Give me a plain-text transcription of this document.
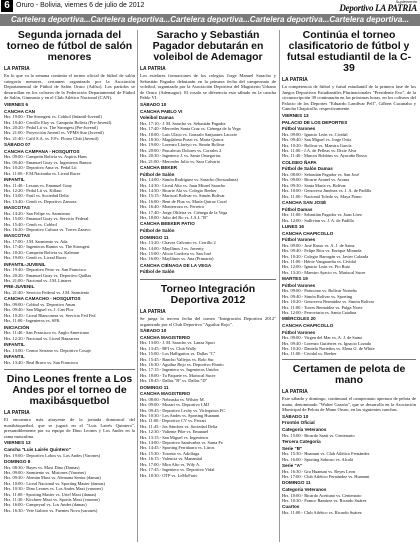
6 Oruro - Bolivia, viernes 6 de julio de 2012
Suplemento
Deportivo LA PATRIA
Cartelera deportiva...Cartelera deportiva...Cartelera deportiva...Cartelera deportiva...Cartelera deportiva...
Segunda jornada del torneo de fútbol de salón menores
LA PATRIA

En lo que va la semana continúa el torneo oficial de fútbol de salón categoría menores, certamen organizado por la Asociación Departamental de Fútbol de Salón Oruro (Adfso). Los partidos se desarrollan en los coliseos de la Federación Departamental de Fútbol de Salón, Gimnasio y en el Club Atlético Nacional (CAN).

VIERNES 6
CANCHA CAN
Hrs. 19:00.- The Strongest vs. Cobbol (Infantil-Juvenil)
Hrs. 19:40.- Cerrillo Eloy vs. Campeón Bolivia (Pre-Juvenil)
Hrs. 20:20.- Pedal Lit vs. The Strongest (Pre-Juvenil)
Hrs. 21:00.- Proyección Juvenil vs. VPMS Star (Juvenil)
Hrs. 21:40.- Cafil S.A. vs. F.Fc. Florez Club (Juvenil)
SÁBADO 07
CANCHA CAMPANA - HOSQUITOS
Hrs. 09:00.- Campeón Bolivia vs. Aspiris Hans
Hrs. 09:40.- Emanuel Goay vs. Ingenieros Ramos
Hrs. 10:20.- Deportivo Ama vs. Pedal Lit
Hrs. 11:00.- F.M.Nacinaba vs. Liceal Racer
INFANTIL
Hrs. 11:40.- Lexaus vs. Emanuel Goay
Hrs. 12:20.- Pedal Lit vs. Killaui
Hrs. 13:00.- Fasil vs. Sociedad Delta
Hrs. 13:40.- Cendi vs. Deportivo Zamora
MASCOTAS
Hrs. 14:20.- San Felipe vs. Sarmiento
Hrs. 15:00.- Emanuel Goay vs. Servicio Federal
Hrs. 15:40.- Cendi vs. Cobbol
Hrs. 16:20.- Deportivo Cultura vs. Torres Zazavo
MASCOTAS
Hrs. 17:00.- J.M. Sarmiento vs. Ada
Hrs. 17:40.- Ingenieros Ramos vs. The Strongest
Hrs. 18:20.- Campeón Bolivia vs. Kalenan
Hrs. 19:00.- Cendi vs. Liceal Racer
INFANTIL-JUVENIL
Hrs. 19:40.- Deportivo Petro vs. San Francisco
Hrs. 20:20.- Emanuel Goay vs. Deportivo Quillas
Hrs. 21:00.- Nacional vs. J.M. Linares
PRE-JUVENIL
Hrs. 21:40.- Servicio Federal vs. J.M. Sarmiento
CANCHA CAMACHO - HOSQUITOS
Hrs. 09:00.- Cobbol vs. Deportivo Amas
Hrs. 09:40.- San Miguel vs. J. Can Flor
Hrs. 10:20.- Liceal Blanconera vs. Servicio Fed Fed
Hrs. 11:00.- Ingenieros vs. SFK
INICIACIÓN
Hrs. 11:40.- San Francisco vs. Anglo Americano
Hrs. 12:20.- Nacional vs. Liceal Bauzarera
INFANTIL
Hrs. 13:00.- Centro Serrano vs. Deportivo Cosaje
INFANTIL
Hrs. 13:40.- Real Bravo vs. San Francisco
Dino Leones frente a Los Andes por el torneo de maxibásquetbol
LA PATRIA

El encuentro más atrayente de la jornada dominical del maxibásquetbol, que se jugará en el "Luis Lairés Quintero", presumiblemente por su equipo de Dino Leones y Los Andes en la rama masculina.

VIERNES 13
Cancha "Luis Lairés Quintero"
Hrs. 19:00.- Deportivo Lobos vs. Los Andes (Varones)
DOMINGO 8
Hrs. 08:30.- Bayes vs. Maxi Dino (Damas)
Hrs. 09:00.- Sarmiento vs. Misiones (Varones)
Hrs. 09:30.- Alemán Maxi vs. Alemana Senior (damas)
Hrs. 10:00.- Liceal Nacional vs. Sporting Master (damas)
Hrs. 10:30.- Dino Leones vs. Los Andes Maxi (varones)
Hrs. 11:00.- Sporting Master vs. Uriel Maxi (damas)
Hrs. 11:30.- Kirchner Maxi vs. Sportis Maxi (varones)
Hrs. 16:00.- Campeyral vs. Los Andes (damas)
Hrs. 16:30.- Vete Galiero vs. Fuentes Nova (varones)
Saracho y Sebastián Pagador debutarán en voleibol de Ademagor
LA PATRIA

Los estelares formaciones de los colegios Jorge Manuel Saracho y Sebastián Pagador debutarán en la primera fecha del campeonato de voleibol, organizado por la Asociación Deportiva del Magisterio Urbano de Oruro (Ademagor). El rosalo se diferencia esta sábado en la cancha Pablo VI.

SÁBADO 10
CANCHA PABLO VI
Voleibol Damas
Hrs. 17:10.- J. M. Saracho vs. Sebastián Pagador
Hrs. 17:40.- Mercedes Santa Cruz vs. Ciénega de la Vega
Hrs. 18:00.- Luis Ulacu vs. Gonzalo Sanjuanes Lacorte
Hrs. 18:30.- Magdalena Pozzi vs. María Quiroz
Hrs. 19:00.- Lorenzo Llaviyo vs. Simón Bolívar
Hrs. 20:00.- Pascalecas Dolores vs. Corrales 2
Hrs. 20:30.- Ingeniero J. vs. Santo Omegorias
Hrs. 21:00.- Mercedes Julio vs. Sara Calvario
CANCHA BEKER
Fútbol de Salón
Hrs. 14:00.- Simón Rodríguez vs. Saracho (Secundaria)
Hrs. 14:30.- Liceal Alto vs. Juan Misael Saracho
Hrs. 14:50.- Ricarte Ala vs. Colegio Beeker
Hrs. 15:15.- Mariscal Bolívar vs. Simón Bolívar
Hrs. 16:00.- Beni de Flux vs. María Quiroz Coral
Hrs. 16:40.- Monterroza vs. Ferreira
Hrs. 17:40.- Jorge Olifeira vs. Ciénega de la Vega
Hrs. 18:00.- Julio del Ro vs. J.A.L "B"
CANCHA BEEKER PATIO
Fútbol de Salón
DOMINGO 11
Hrs. 13:20.- Chavez Calvario vs. Cerrillo 2
Hrs. 14:00.- Mayllinos J vs. Juventy
Hrs. 15:00.- Alicia Cordova vs. San José
Hrs. 16:00.- Mayllinos vs. Ana (Primaria)
CANCHA CIÉNAGA DE LA VEGA
Fútbol de Salón
Torneo Integración Deportiva 2012
LA PATRIA

Se juega la tercera fecha del torneo "Integración Deportiva 2012" organizado por el Club Deportivo "Aguiluz Rojo".

SÁBADO 10
CANCHA MAGISTERIO
Hrs. 13:00.- J. M. Saracho vs. Lanza Sport
Hrs. 13:45.- BFI vs. Club Wally
Hrs. 15:00.- Los Halliguitos vs. Dallas "C"
Hrs. 15:45.- Rancho Vallejos vs. Rolo Sur
Hrs. 16:30.- Aguiluz Rojo vs. Deportivo Ebarío
Hrs. 17:15.- Ingeniero vs. Ingenieros Unidos
Hrs. 18:00.- Tu Paquete vs. Mariscal Sucre
Hrs. 18:45.- Dallas "B" vs. Dallas "D"
DOMINGO 11
CANCHA MAGISTERIO
Hrs. 08:00.- Nebraska vs. Wilster M.
Hrs. 09:00.- Mozart vs. Deportivo LMJ
Hrs. 09:45.- Deportivo Lechy vs. Virlequitos FC
Hrs. 10:30.- Los Andes vs. Sporting Huanuni
Hrs. 11:00.- Deportivo CV vs. Ferrari
Hrs. 11:45.- Jos Sánchez vs. Sociedad Delta
Hrs. 12:30.- Valiente Pibe vs. Emanuel
Hrs. 13:15.- San Miguel vs. Ingenieros
Hrs. 14:00.- Deportivo Santivañez vs. Santa Fe
Hrs. 14:45.- Sporting Ferrabarra vs. Litros
Hrs. 15:30.- Toronto vs. Adolfaga
Hrs. 16:15.- Valencia vs. Manantial
Hrs. 17:00.- Mira Alto vs. Wily A.
Hrs. 17:45.- Ingeniero vs. Deportivo Vidal
Hrs. 18:30.- OTP vs. LeMoFrais
Continúa el torneo clasificatorio de fútbol y futsal estudiantil de la C-39
LA PATRIA

La competencia de fútbol y futsal estudiantil de la primera fase de los Juegos Deportivos Estudiantiles Plurinacionales "Presidente Evo", de la circunscripción 39 continuarán en las próximas horas, en los coliseos del Palacio de los Deportes "Eduardo Landívar Pell", Gilbert Cucanaho y Cancha Chapicollo, respectivamente.

VIERNES 13
PALACIO DE LOS DEPORTES
Fútbol Varones
Hrs. 09:00.- Ignacio León vs. Cividal
Hrs. 09:40.- San Miguel vs. Jorge Ortiz
Hrs. 10:20.- Bolívar vs. Maestra García
Hrs. 11:00.- J.A. de Pelleas vs. Dixie Alva
Hrs. 11:40.- Marcos Robbins vs. Ayacaño Rosso
COLISEO ÑAPA
Fútbol de Salón Damas
Hrs. 08:00.- Sebastián Pagador vs. San José
Hrs. 09:00.- Ricarte Avanel vs. Aroma
Hrs. 09:30.- Santa María vs. Bolívar
Hrs. 10:00.- Genoveva Jiménez vs. J. A. de Padilla
Hrs. 11:00.- Nacional Toledo vs. Maya Pomo
CANCHA SAN JOSÉ
Fútbol Damas
Hrs. 11:00.- Sebastián Pagador vs. Juan Lírez
Hrs. 12:00.- Sullivian vs. J. A. de Padilla
LUNES 16
CANCHA CHAPICOLLO
Fútbol Varones
Hrs. 09:00.- José Rasso vs. A. J. de Sainz
Hrs. 09:40.- Felipe Ríos vs. Enrique Miranda
Hrs. 10:20.- Colegio Barragán vs. Javier Calzada
Hrs. 11:00.- Héroe Vanguardia vs. Cividal
Hrs. 12:00.- Ignacio León vs. Pio Ruiz
Hrs. 13:20.- Maestro Ayacio vs. Mariscal Sucre
MARTES 19
Fútbol Varones
Hrs. 09:00.- Patrocino vs. Bolívar Norteño
Hrs. 09:40.- Simón Bolívar vs. Sporting
Hrs. 10:20.- Genoveva Bermúdez vs. Simón Bolívar
Hrs. 11:00.- Torres Bermúdez vs. Pulga Norte
Hrs. 12:00.- Ferroviaria vs. Santa Catalina
MIÉRCOLES 20
CANCHA CHAPICOLLO
Fútbol Varones
Hrs. 09:00.- Virgen del Mar vs. A. J. de Sainz
Hrs. 09:40.- Lorenzo Gutiérrez vs. Ignacio Lozada
Hrs. 10:20.- Daniela Norteños vs. Elena G. de White
Hrs. 11:00.- Cividal vs. Beeker
Certamen de pelota de mano
LA PATRIA

Este sábado y domingo, continuará el campeonato apertura de pelota de mano, denominado "Walter Garzón", que se desarrolla en la Asociación Municipal de Pelota de Mano Oruro, en las siguientes canchas.

SÁBADO 10
Frontón Oficial
Categoría Veteranos
Hrs. 15:00.- Ricardo Santi vs. Centenario
Tercera Categoría
Serie "B"
Hrs. 15:30.- Huanuni vs. Club Atlético Fernández
Hrs. 16:00.- Sporting Sabroso vs. Alcalá
Serie "A"
Hrs. 16:30.- Gra Huanuni vs. Reyes Leon
Hrs. 17:00.- Club Atlético Fernández vs. Huanuni
DOMINGO 11
Categoría Veteranos
Hrs. 10:00.- Ricardo Aceituno vs. Centenario
Hrs. 10:30.- Franco Ramírez vs. Ricardo Suárez
Cuartos
Hrs. 11:00.- Club Atlético vs. Ricardo Suárez
